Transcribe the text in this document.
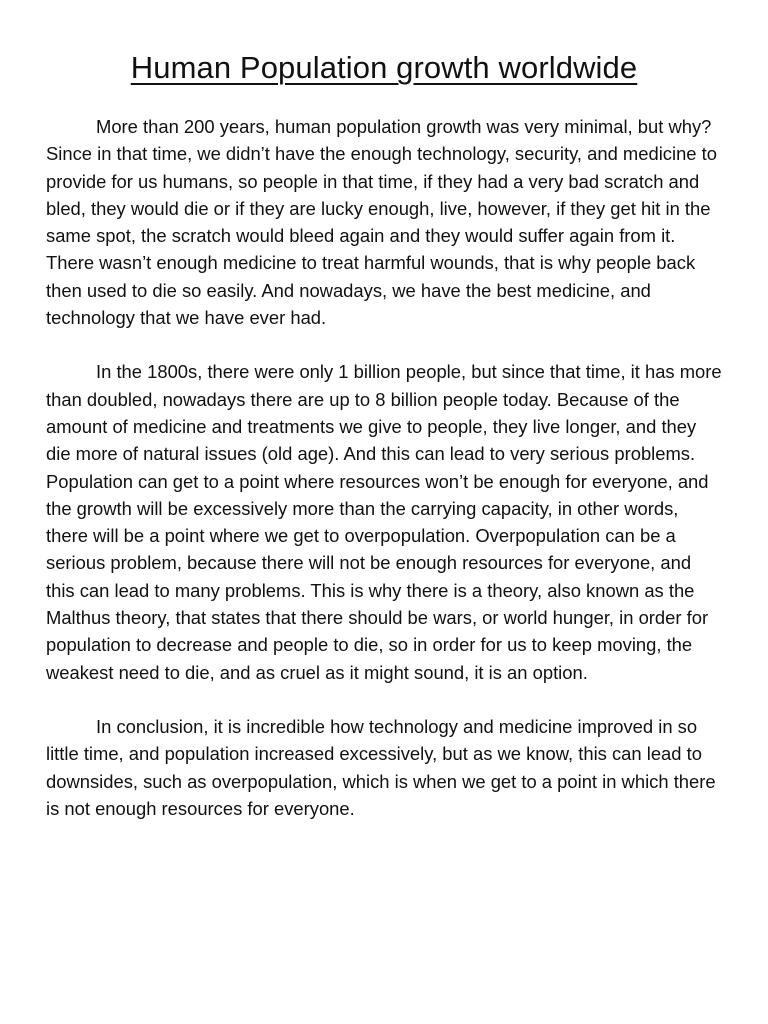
Human Population growth worldwide

More than 200 years, human population growth was very minimal, but why? Since in that time, we didn’t have the enough technology, security, and medicine to provide for us humans, so people in that time, if they had a very bad scratch and bled, they would die or if they are lucky enough, live, however, if they get hit in the same spot, the scratch would bleed again and they would suffer again from it. There wasn’t enough medicine to treat harmful wounds, that is why people back then used to die so easily. And nowadays, we have the best medicine, and technology that we have ever had.

In the 1800s, there were only 1 billion people, but since that time, it has more than doubled, nowadays there are up to 8 billion people today. Because of the amount of medicine and treatments we give to people, they live longer, and they die more of natural issues (old age). And this can lead to very serious problems. Population can get to a point where resources won’t be enough for everyone, and the growth will be excessively more than the carrying capacity, in other words, there will be a point where we get to overpopulation. Overpopulation can be a serious problem, because there will not be enough resources for everyone, and this can lead to many problems. This is why there is a theory, also known as the Malthus theory, that states that there should be wars, or world hunger, in order for population to decrease and people to die, so in order for us to keep moving, the weakest need to die, and as cruel as it might sound, it is an option.

In conclusion, it is incredible how technology and medicine improved in so little time, and population increased excessively, but as we know, this can lead to downsides, such as overpopulation, which is when we get to a point in which there is not enough resources for everyone.
